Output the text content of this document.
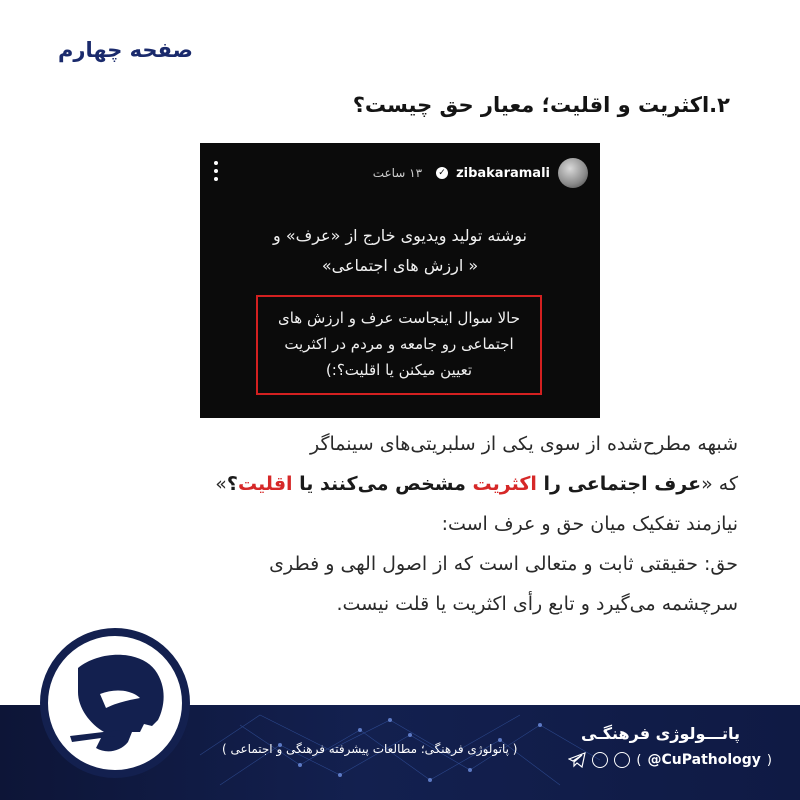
صفحه چهارم
۲.اکثریت و اقلیت؛ معیار حق چیست؟
zibakaramali
✓
۱۳ ساعت
نوشته تولید ویدیوی خارج از «عرف» و
« ارزش های اجتماعی»
حالا سوال اینجاست عرف و ارزش های
اجتماعی رو جامعه و مردم در اکثریت
تعیین میکنن یا اقلیت؟:)

شبهه مطرح‌شده از سوی یکی از سلبریتی‌های سینماگر

که «عرف اجتماعی را اکثریت مشخص می‌کنند یا اقلیت؟»

نیازمند تفکیک میان حق و عرف است:

حق: حقیقتی ثابت و متعالی است که از اصول الهی و فطری

سرچشمه می‌گیرد و تابع رأی اکثریت یا قلت نیست.

( پاتولوژی فرهنگی؛ مطالعات پیشرفته فرهنگی و اجتماعی )
پاتـــولوژی فرهنگـی
( @CuPathology )
